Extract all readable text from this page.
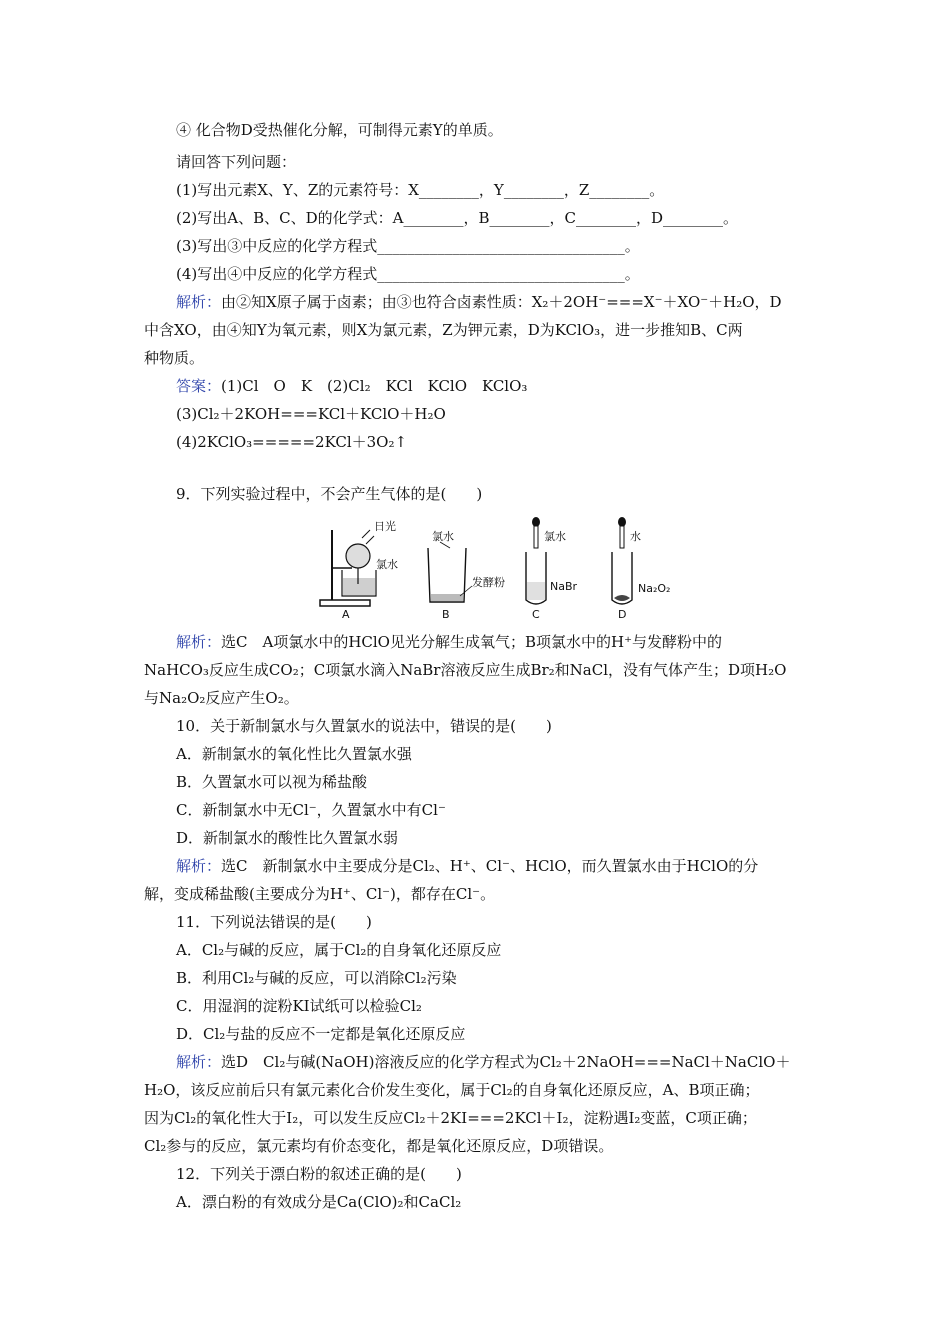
④ 化合物D受热催化分解，可制得元素Y的单质。
请回答下列问题：
(1)写出元素X、Y、Z的元素符号：X________，Y________，Z________。
(2)写出A、B、C、D的化学式：A________，B________，C________，D________。
(3)写出③中反应的化学方程式_________________________________。
(4)写出④中反应的化学方程式_________________________________。
解析：由②知X原子属于卤素；由③也符合卤素性质：X₂＋2OH⁻===X⁻＋XO⁻＋H₂O，D
中含XO，由④知Y为氧元素，则X为氯元素，Z为钾元素，D为KClO₃，进一步推知B、C两
种物质。
答案：(1)Cl　O　K　(2)Cl₂　KCl　KClO　KClO₃
(3)Cl₂＋2KOH===KCl＋KClO＋H₂O
(4)2KClO₃=====2KCl＋3O₂↑
9．下列实验过程中，不会产生气体的是(　　)
解析：选C　A项氯水中的HClO见光分解生成氧气；B项氯水中的H⁺与发酵粉中的
NaHCO₃反应生成CO₂；C项氯水滴入NaBr溶液反应生成Br₂和NaCl，没有气体产生；D项H₂O
与Na₂O₂反应产生O₂。
10．关于新制氯水与久置氯水的说法中，错误的是(　　)
A．新制氯水的氧化性比久置氯水强
B．久置氯水可以视为稀盐酸
C．新制氯水中无Cl⁻，久置氯水中有Cl⁻
D．新制氯水的酸性比久置氯水弱
解析：选C　新制氯水中主要成分是Cl₂、H⁺、Cl⁻、HClO，而久置氯水由于HClO的分
解，变成稀盐酸(主要成分为H⁺、Cl⁻)，都存在Cl⁻。
11．下列说法错误的是(　　)
A．Cl₂与碱的反应，属于Cl₂的自身氧化还原反应
B．利用Cl₂与碱的反应，可以消除Cl₂污染
C．用湿润的淀粉KI试纸可以检验Cl₂
D．Cl₂与盐的反应不一定都是氧化还原反应
解析：选D　Cl₂与碱(NaOH)溶液反应的化学方程式为Cl₂＋2NaOH===NaCl＋NaClO＋
H₂O，该反应前后只有氯元素化合价发生变化，属于Cl₂的自身氧化还原反应，A、B项正确；
因为Cl₂的氧化性大于I₂，可以发生反应Cl₂＋2KI===2KCl＋I₂，淀粉遇I₂变蓝，C项正确；
Cl₂参与的反应，氯元素均有价态变化，都是氧化还原反应，D项错误。
12．下列关于漂白粉的叙述正确的是(　　)
A．漂白粉的有效成分是Ca(ClO)₂和CaCl₂
日光
氯水
A
氯水
发酵粉
B
氯水
NaBr
C
水
Na₂O₂
D
